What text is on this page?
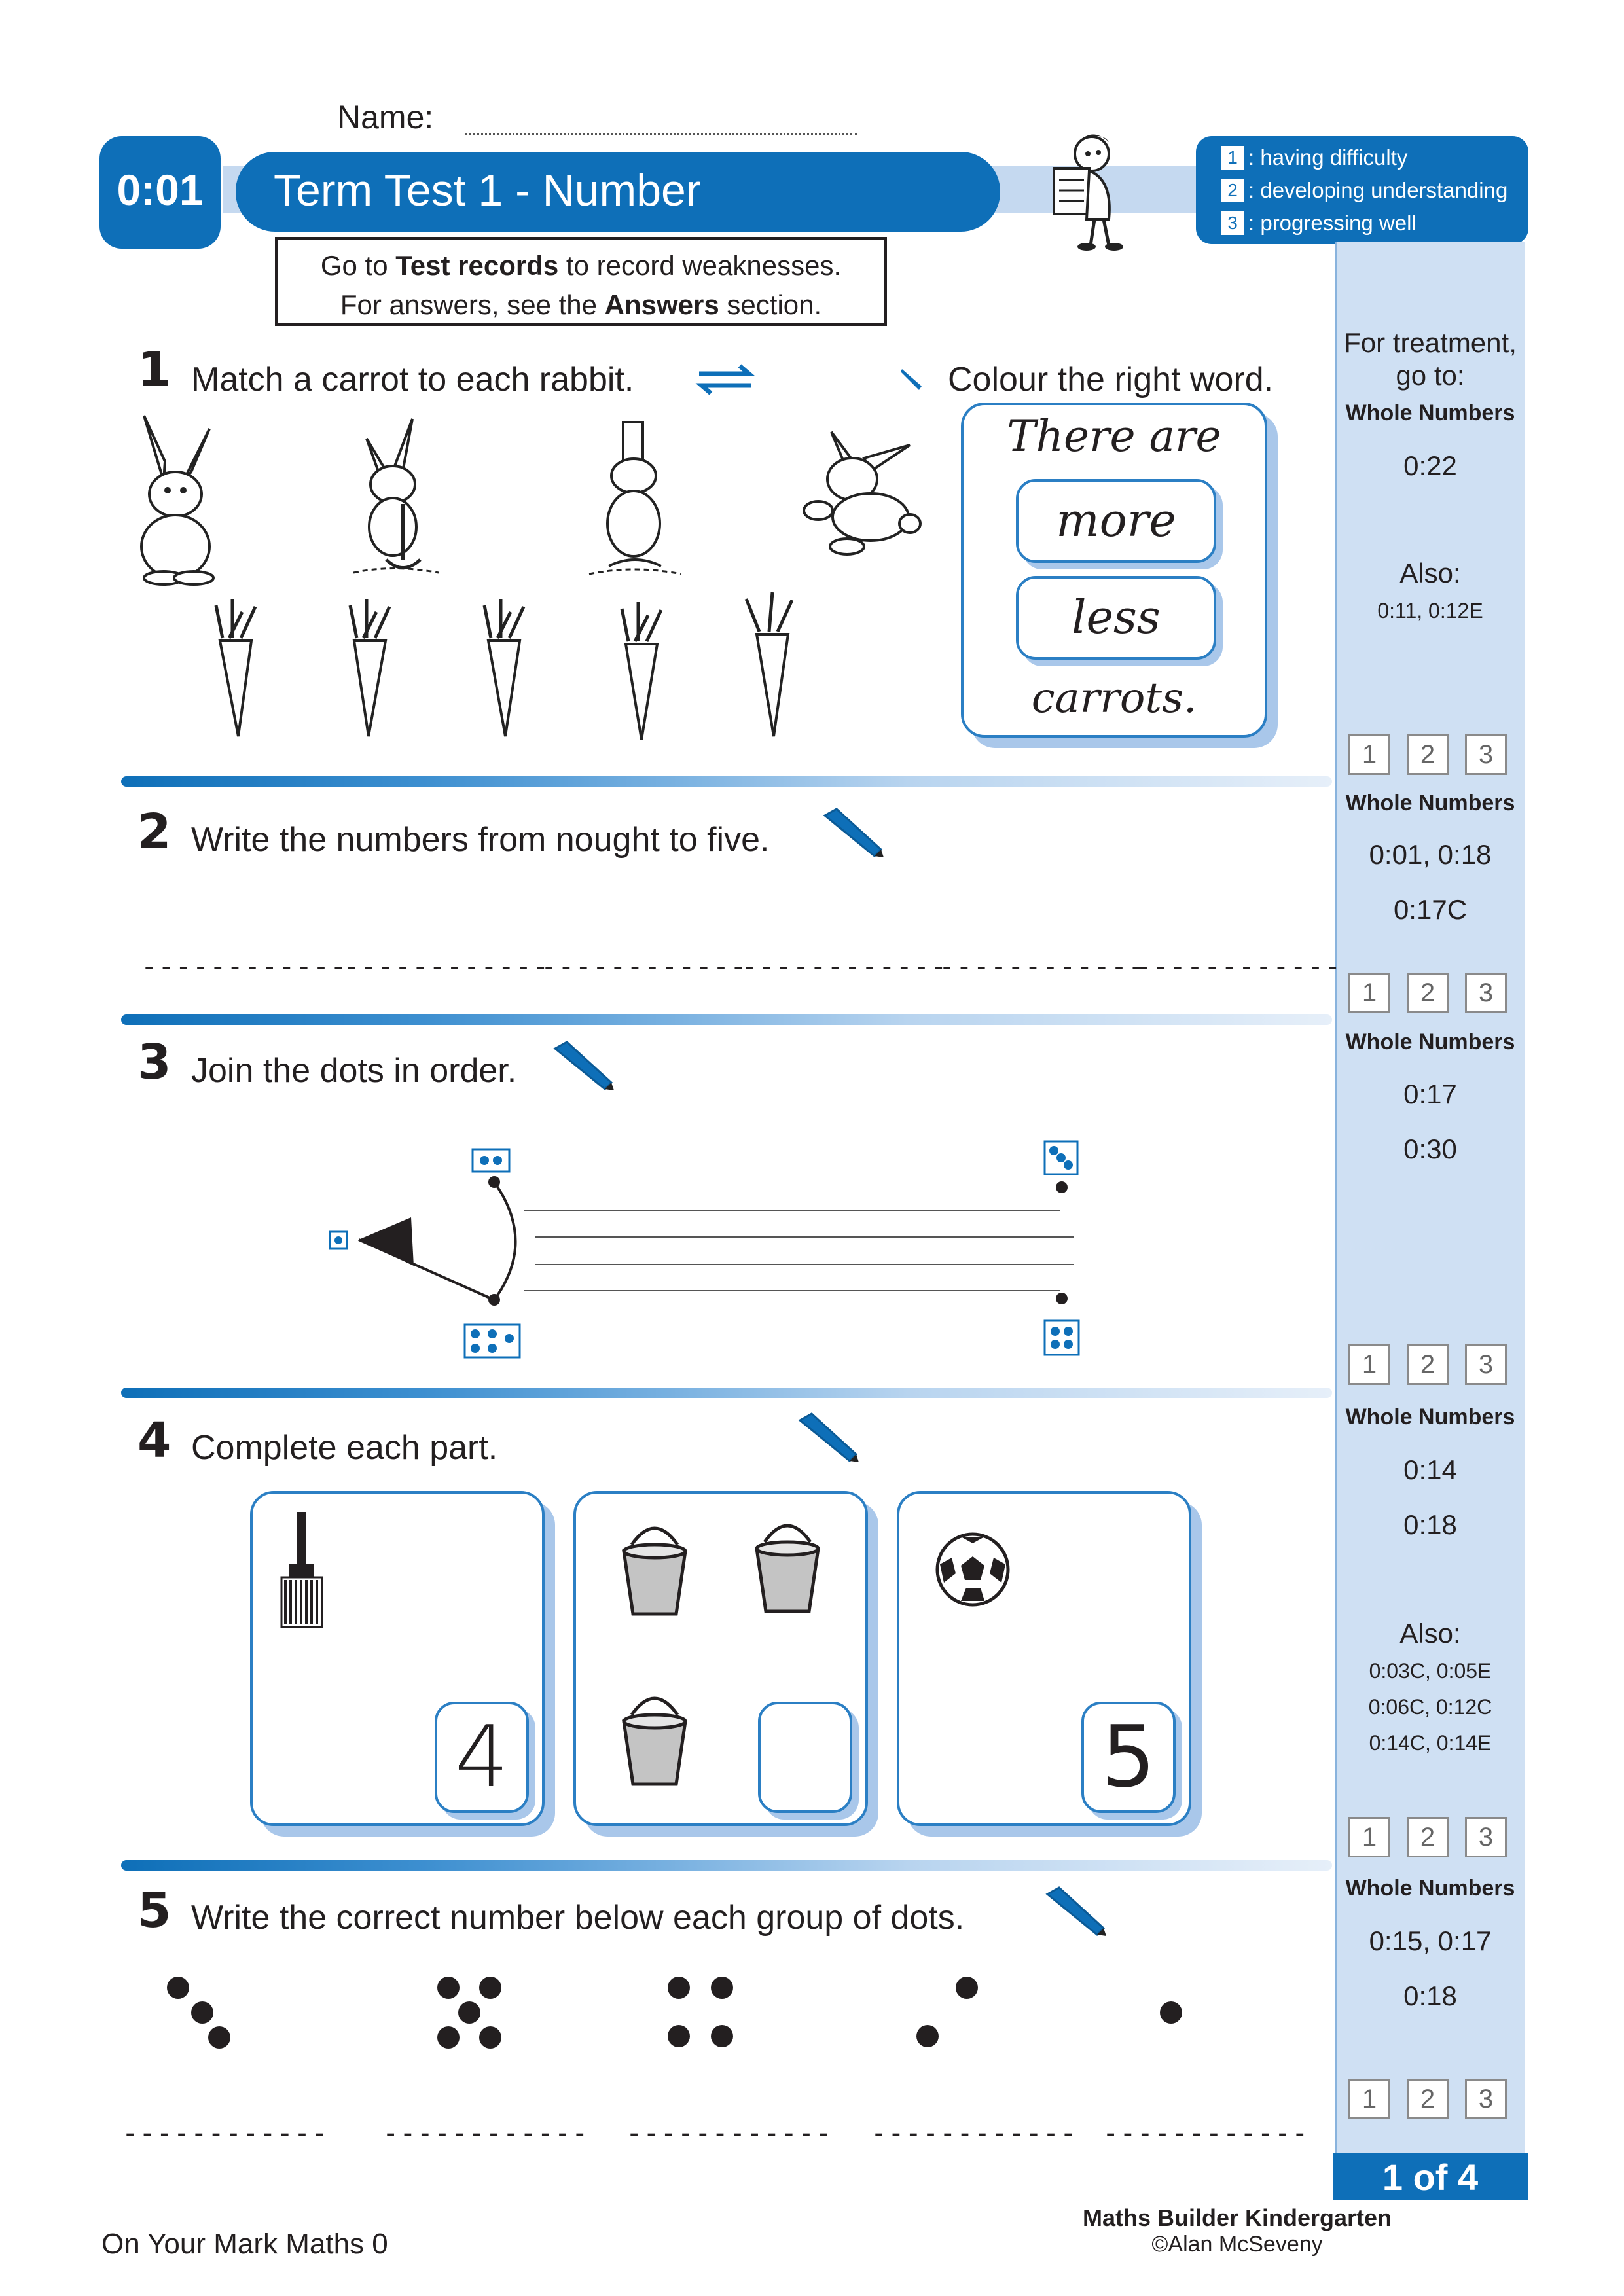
Name:
0:01	Term Test 1 - Number
1 : having difficulty
2 : developing understanding
3 : progressing well
Go to Test records to record weaknesses.
For answers, see the Answers section.
For treatment,
go to:
Whole Numbers
0:22
Also:
0:11, 0:12E
1	2	3
Whole Numbers
0:01, 0:18
0:17C
1	2	3
Whole Numbers
0:17
0:30
1	2	3
Whole Numbers
0:14
0:18
Also:
0:03C, 0:05E
0:06C, 0:12C
0:14C, 0:14E
1	2	3
Whole Numbers
0:15, 0:17
0:18
1	2	3
1 of 4
1 Match a carrot to each rabbit.	Colour the right word.
There are
more
less
carrots.
2 Write the numbers from nought to five.
------------
------------
------------
------------
------------
------------
3 Join the dots in order.
4 Complete each part.
4	5
5 Write the correct number below each group of dots.
------------ ------------ ------------ ------------ ------------
On Your Mark Maths 0
Maths Builder Kindergarten
©Alan McSeveny
